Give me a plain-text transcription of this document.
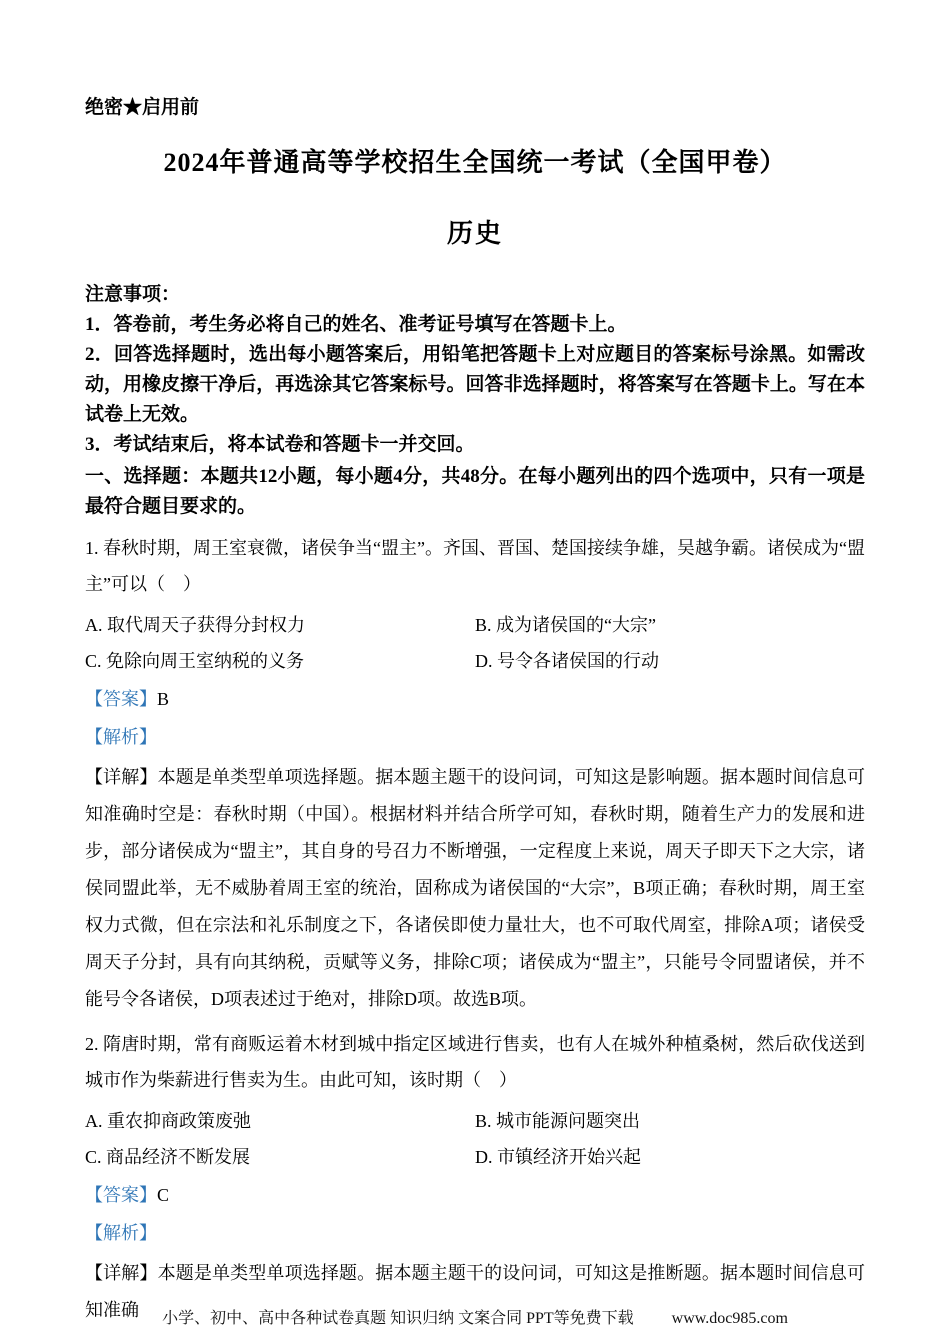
绝密★启用前
2024年普通高等学校招生全国统一考试（全国甲卷）
历史
注意事项：

1．答卷前，考生务必将自己的姓名、准考证号填写在答题卡上。

2．回答选择题时，选出每小题答案后，用铅笔把答题卡上对应题目的答案标号涂黑。如需改动，用橡皮擦干净后，再选涂其它答案标号。回答非选择题时，将答案写在答题卡上。写在本试卷上无效。

3．考试结束后，将本试卷和答题卡一并交回。

一、选择题：本题共12小题，每小题4分，共48分。在每小题列出的四个选项中，只有一项是最符合题目要求的。

1. 春秋时期，周王室衰微，诸侯争当“盟主”。齐国、晋国、楚国接续争雄，吴越争霸。诸侯成为“盟主”可以（　）

A. 取代周天子获得分封权力	B. 成为诸侯国的“大宗”
C. 免除向周王室纳税的义务	D. 号令各诸侯国的行动
【答案】B
【解析】

【详解】本题是单类型单项选择题。据本题主题干的设问词，可知这是影响题。据本题时间信息可知准确时空是：春秋时期（中国）。根据材料并结合所学可知，春秋时期，随着生产力的发展和进步，部分诸侯成为“盟主”，其自身的号召力不断增强，一定程度上来说，周天子即天下之大宗，诸侯同盟此举，无不威胁着周王室的统治，固称成为诸侯国的“大宗”，B项正确；春秋时期，周王室权力式微，但在宗法和礼乐制度之下，各诸侯即使力量壮大，也不可取代周室，排除A项；诸侯受周天子分封，具有向其纳税，贡赋等义务，排除C项；诸侯成为“盟主”，只能号令同盟诸侯，并不能号令各诸侯，D项表述过于绝对，排除D项。故选B项。

2. 隋唐时期，常有商贩运着木材到城中指定区域进行售卖，也有人在城外种植桑树，然后砍伐送到城市作为柴薪进行售卖为生。由此可知，该时期（　）

A. 重农抑商政策废弛	B. 城市能源问题突出
C. 商品经济不断发展	D. 市镇经济开始兴起
【答案】C
【解析】

【详解】本题是单类型单项选择题。据本题主题干的设问词，可知这是推断题。据本题时间信息可知准确	小学、初中、高中各种试卷真题 知识归纳 文案合同 PPT等免费下载 www.doc985.com
